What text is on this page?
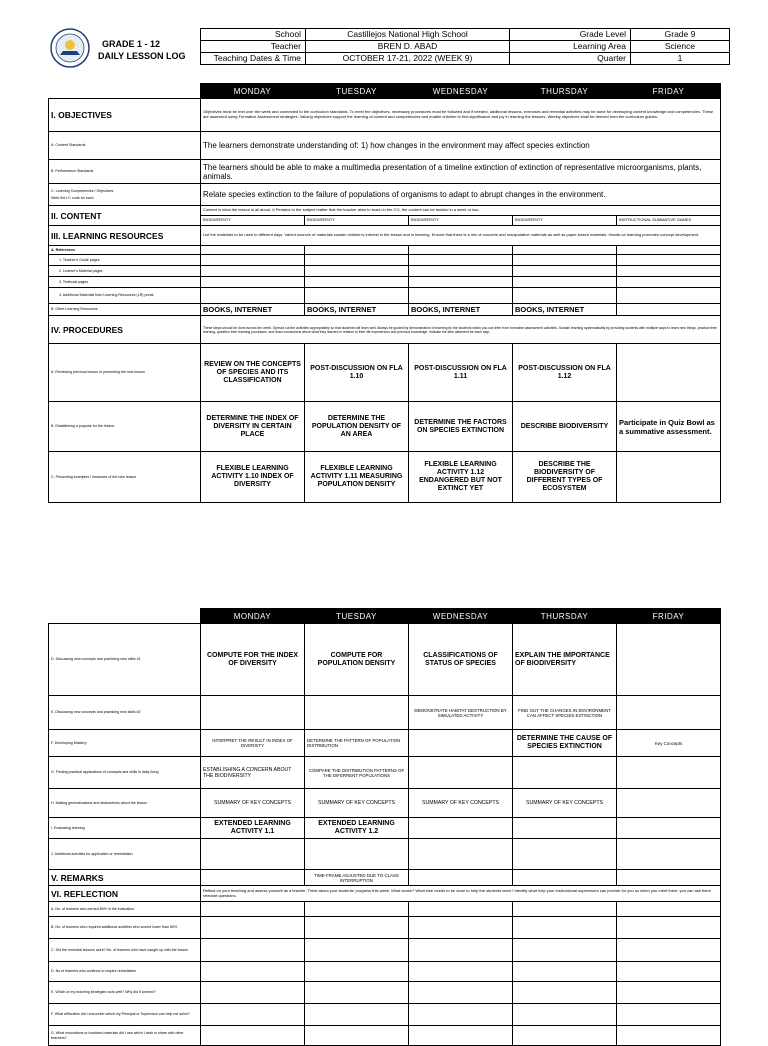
GRADE 1 - 12
DAILY LESSON LOG
School	Castillejos National High School	Grade Level	Grade 9
Teacher	BREN D. ABAD	Learning Area	Science
Teaching Dates & Time	OCTOBER 17-21, 2022 (WEEK 9)	Quarter	1
	MONDAY	TUESDAY	WEDNESDAY	THURSDAY	FRIDAY
I. OBJECTIVES	Objectives must be met over the week and connected to the curriculum standards. To meet the objectives, necessary procedures must be followed and if needed, additional lessons, exercises and remedial activities may be done for developing content knowledge and competencies. These are assessed using Formative Assessment strategies. Valuing objectives support the learning of content and competencies and enable children to find significance and joy in learning the lessons. Weekly objectives shall be derived from the curriculum guides.				
A. Content Standards	The learners demonstrate understanding of: 1) how changes in the environment may affect species extinction				
B. Performance Standards	The learners should be able to make a multimedia presentation of a timeline extinction of extinction of representative microorganisms, plants, animals.				

C. Learning Competencies / Objectives
Write the LC code for each	Relate species extinction to the failure of populations of organisms to adapt to abrupt changes in the environment.				
II. CONTENT	Content is what the lesson is all about. It Pertains to the subject matter that the teacher aims to teach in the CG, the content can be tackled in a week or two.				
	BIODIVERSITY	BIODIVERSITY	BIODIVERSITY	BIODIVERSITY	INSTRUCTIONAL SUMMATIVE GAMES
III. LEARNING RESOURCES	List the materials to be used in different days. Varied sources of materials sustain children's interest in the lesson and in learning. Ensure that there is a mix of concrete and manipulative materials as well as paper-based materials. Hands-on learning promotes concept development.				
A. References					
1. Teacher's Guide pages					
2. Learner's Material pages					
3. Textbook pages					
4. Additional Materials from Learning Resources (LR) portal					
B. Other Learning Resources	BOOKS, INTERNET	BOOKS, INTERNET	BOOKS, INTERNET	BOOKS, INTERNET	
IV. PROCEDURES	These steps should be done across the week. Spread out the activities appropriately so that students will learn well. Always be guided by demonstration of learning by the students which you can infer from formative assessment activities. Sustain learning systematically by providing students with multiple ways to learn new things, practice their learning, question their learning processes, and draw conclusions about what they learned in relation to their life experiences and previous knowledge. Indicate the time allotment for each step.				
A. Reviewing previous lesson or presenting the new lesson	REVIEW ON THE CONCEPTS OF SPECIES AND ITS CLASSIFICATION	POST-DISCUSSION ON FLA 1.10	POST-DISCUSSION ON FLA 1.11	POST-DISCUSSION ON FLA 1.12	
B. Establishing a purpose for the lesson	DETERMINE THE INDEX OF DIVERSITY IN CERTAIN PLACE	DETERMINE THE POPULATION DENSITY OF AN AREA	DETERMINE THE FACTORS ON SPECIES EXTINCTION	DESCRIBE BIODIVERSITY	Participate in Quiz Bowl as a summative assessment.
C. Presenting examples / instances of the new lesson	FLEXIBLE LEARNING ACTIVITY 1.10 INDEX OF DIVERSITY	FLEXIBLE LEARNING ACTIVITY 1.11 MEASURING POPULATION DENSITY	FLEXIBLE LEARNING ACTIVITY 1.12 ENDANGERED BUT NOT EXTINCT YET	DESCRIBE THE BIODIVERSITY OF DIFFERENT TYPES OF ECOSYSTEM	
	MONDAY	TUESDAY	WEDNESDAY	THURSDAY	FRIDAY
D. Discussing new concepts and practicing new skills #1	COMPUTE FOR THE INDEX OF DIVERSITY	COMPUTE FOR POPULATION DENSITY	CLASSIFICATIONS OF STATUS OF SPECIES	EXPLAIN THE IMPORTANCE OF BIODIVERSITY	
E. Discussing new concepts and practicing new skills #2			DEMONSTRATE HABITAT DESTRUCTION BY SIMULATED ACTIVITY	FIND OUT THE CHANGES IN ENVIRONMENT CAN AFFECT SPECIES EXTINCTION	
F. Developing Mastery	INTERPRET THE RESULT IN INDEX OF DIVERSITY	DETERMINE THE PATTERN OF POPULATION DISTRIBUTION		DETERMINE THE CAUSE OF SPECIES EXTINCTION	Key Concepts
G. Finding practical applications of concepts and skills in daily living	ESTABLISHING A CONCERN ABOUT THE BIODIVERSITY	COMPARE THE DISTRIBUTION PATTERNS OF THE DIFERRENT POPULATIONS			
H. Making generalizations and abstractions about the lesson	SUMMARY OF KEY CONCEPTS	SUMMARY OF KEY CONCEPTS	SUMMARY OF KEY CONCEPTS	SUMMARY OF KEY CONCEPTS	
I. Evaluating learning	EXTENDED LEARNING ACTIVITY 1.1	EXTENDED LEARNING ACTIVITY 1.2			
J. Additional activities for application or remediation					
V. REMARKS		TIME-FRAME ADJUSTED DUE TO CLASS INTERRUPTION			
VI. REFLECTION	Reflect on your teaching and assess yourself as a teacher. Think about your students' progress this week. What works? What else needs to be done to help the students learn? Identify what help your instructional supervisors can provide for you so when you meet them, you can ask them relevant questions.				
A. No. of learners who earned 80% in the evaluation					
B. No. of learners who required additional activities who scored lower than 80%					
C. Did the remedial lessons work? No. of learners who have caught up with the lesson					
D. No of learners who continue to require remediation					
E. Which of my teaching strategies work well? Why did it worked?					
F. What difficulties did I encounter which my Principal or Supervisor can help me solve?					
G. What innovations or localized materials did I use which I wish to share with other teachers?					
